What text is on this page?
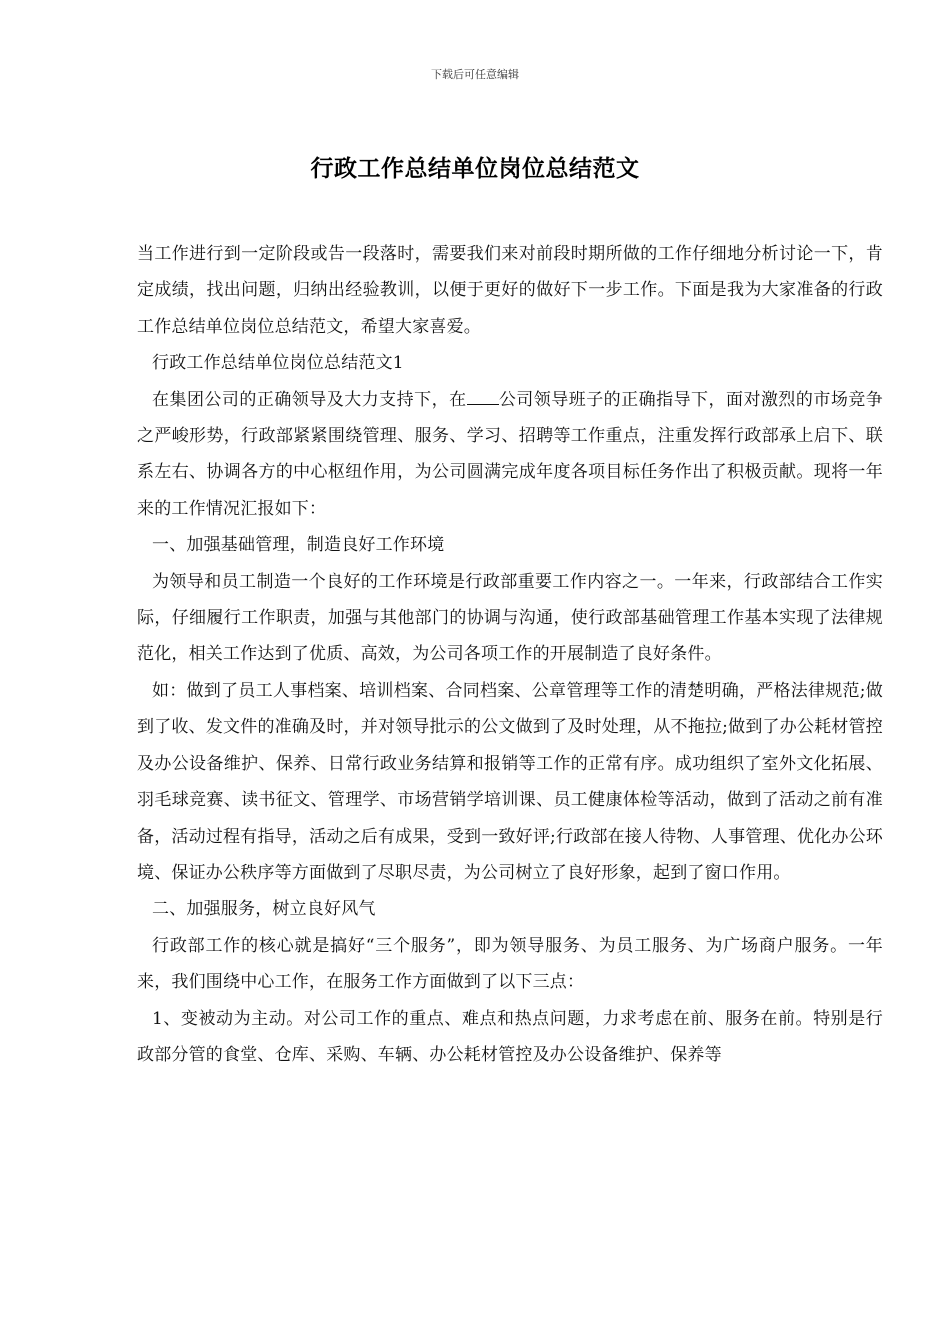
下载后可任意编辑
行政工作总结单位岗位总结范文

当工作进行到一定阶段或告一段落时，需要我们来对前段时期所做的工作仔细地分析讨论一下，肯定成绩，找出问题，归纳出经验教训，以便于更好的做好下一步工作。下面是我为大家准备的行政工作总结单位岗位总结范文，希望大家喜爱。

行政工作总结单位岗位总结范文1

在集团公司的正确领导及大力支持下，在 公司领导班子的正确指导下，面对激烈的市场竞争之严峻形势，行政部紧紧围绕管理、服务、学习、招聘等工作重点，注重发挥行政部承上启下、联系左右、协调各方的中心枢纽作用，为公司圆满完成年度各项目标任务作出了积极贡献。现将一年来的工作情况汇报如下：

一、加强基础管理，制造良好工作环境

为领导和员工制造一个良好的工作环境是行政部重要工作内容之一。一年来，行政部结合工作实际，仔细履行工作职责，加强与其他部门的协调与沟通，使行政部基础管理工作基本实现了法律规范化，相关工作达到了优质、高效，为公司各项工作的开展制造了良好条件。

如：做到了员工人事档案、培训档案、合同档案、公章管理等工作的清楚明确，严格法律规范;做到了收、发文件的准确及时，并对领导批示的公文做到了及时处理，从不拖拉;做到了办公耗材管控及办公设备维护、保养、日常行政业务结算和报销等工作的正常有序。成功组织了室外文化拓展、羽毛球竞赛、读书征文、管理学、市场营销学培训课、员工健康体检等活动，做到了活动之前有准备，活动过程有指导，活动之后有成果，受到一致好评;行政部在接人待物、人事管理、优化办公环境、保证办公秩序等方面做到了尽职尽责，为公司树立了良好形象，起到了窗口作用。

二、加强服务，树立良好风气

行政部工作的核心就是搞好“三个服务”，即为领导服务、为员工服务、为广场商户服务。一年来，我们围绕中心工作，在服务工作方面做到了以下三点：

1、变被动为主动。对公司工作的重点、难点和热点问题，力求考虑在前、服务在前。特别是行政部分管的食堂、仓库、采购、车辆、办公耗材管控及办公设备维护、保养等
